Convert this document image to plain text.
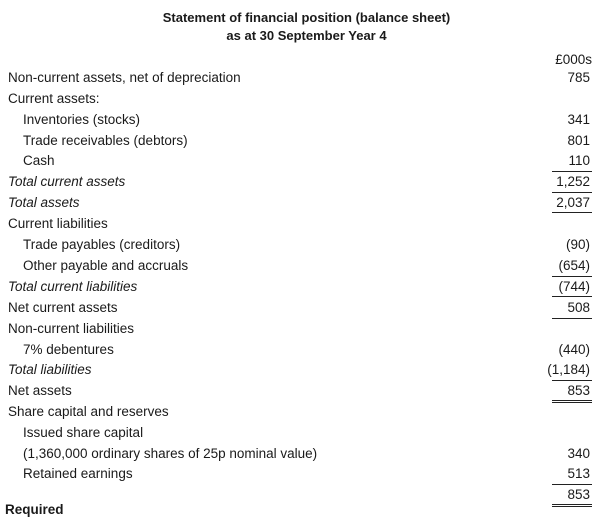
Statement of financial position (balance sheet)
as at 30 September Year 4
£000s
Non-current assets, net of depreciation	785
Current assets:
Inventories (stocks)	341
Trade receivables (debtors)	801
Cash	110
Total current assets	1,252
Total assets	2,037
Current liabilities
Trade payables (creditors)	(90)
Other payable and accruals	(654)
Total current liabilities	(744)
Net current assets	508
Non-current liabilities
7% debentures	(440)
Total liabilities	(1,184)
Net assets	853
Share capital and reserves
Issued share capital
(1,360,000 ordinary shares of 25p nominal value)	340
Retained earnings	513
853
Required
